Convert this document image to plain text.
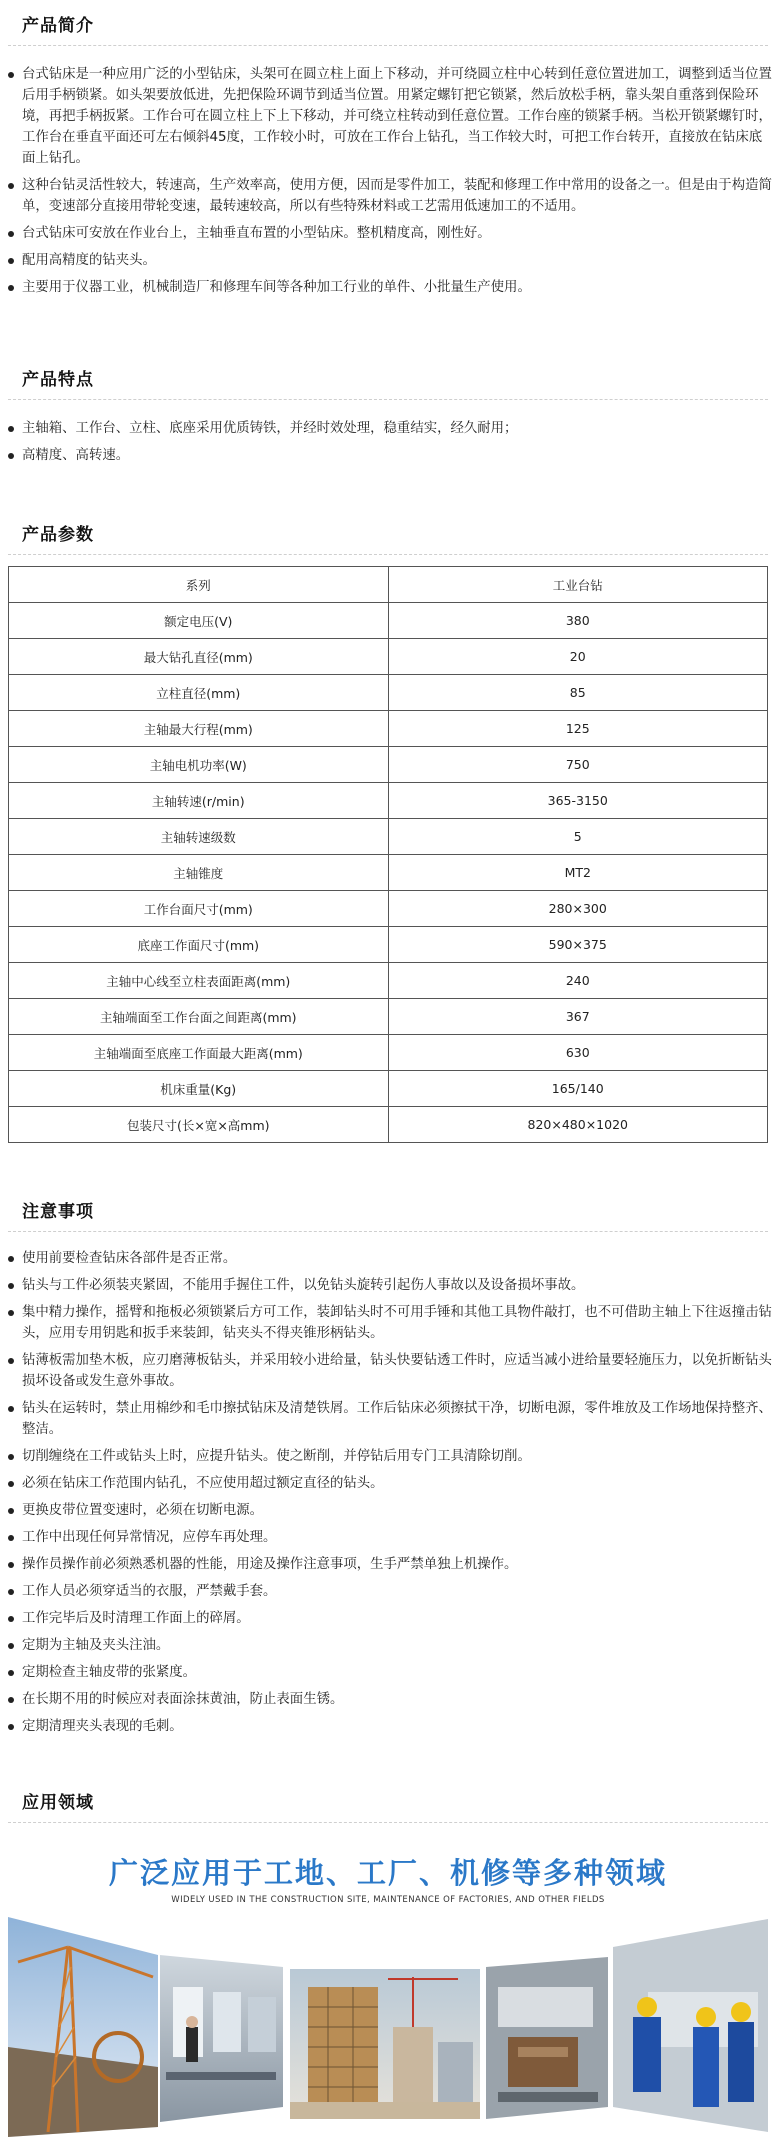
产品简介
台式钻床是一种应用广泛的小型钻床，头架可在圆立柱上面上下移动，并可绕圆立柱中心转到任意位置进加工，调整到适当位置后用手柄锁紧。如头架要放低进，先把保险环调节到适当位置。用紧定螺钉把它锁紧，然后放松手柄，靠头架自重落到保险环境，再把手柄扳紧。工作台可在圆立柱上下上下移动，并可绕立柱转动到任意位置。工作台座的锁紧手柄。当松开锁紧螺钉时，工作台在垂直平面还可左右倾斜45度，工作较小时，可放在工作台上钻孔，当工作较大时，可把工作台转开，直接放在钻床底面上钻孔。
这种台钻灵活性较大，转速高，生产效率高，使用方便，因而是零件加工，装配和修理工作中常用的设备之一。但是由于构造简单，变速部分直接用带轮变速，最转速较高，所以有些特殊材料或工艺需用低速加工的不适用。
台式钻床可安放在作业台上，主轴垂直布置的小型钻床。整机精度高，刚性好。
配用高精度的钻夹头。
主要用于仪器工业，机械制造厂和修理车间等各种加工行业的单件、小批量生产使用。
产品特点
主轴箱、工作台、立柱、底座采用优质铸铁，并经时效处理，稳重结实，经久耐用；
高精度、高转速。
产品参数
系列	工业台钻
额定电压(V)	380
最大钻孔直径(mm)	20
立柱直径(mm)	85
主轴最大行程(mm)	125
主轴电机功率(W)	750
主轴转速(r/min)	365-3150
主轴转速级数	5
主轴锥度	MT2
工作台面尺寸(mm)	280×300
底座工作面尺寸(mm)	590×375
主轴中心线至立柱表面距离(mm)	240
主轴端面至工作台面之间距离(mm)	367
主轴端面至底座工作面最大距离(mm)	630
机床重量(Kg)	165/140
包装尺寸(长×宽×高mm)	820×480×1020
注意事项
使用前要检查钻床各部件是否正常。
钻头与工件必须装夹紧固，不能用手握住工件，以免钻头旋转引起伤人事故以及设备损坏事故。
集中精力操作，摇臂和拖板必须锁紧后方可工作，装卸钻头时不可用手锤和其他工具物件敲打，也不可借助主轴上下往返撞击钻头，应用专用钥匙和扳手来装卸，钻夹头不得夹锥形柄钻头。
钻薄板需加垫木板，应刃磨薄板钻头，并采用较小进给量，钻头快要钻透工件时，应适当减小进给量要轻施压力，以免折断钻头损坏设备或发生意外事故。
钻头在运转时，禁止用棉纱和毛巾擦拭钻床及清楚铁屑。工作后钻床必须擦拭干净，切断电源，零件堆放及工作场地保持整齐、整洁。
切削缠绕在工件或钻头上时，应提升钻头。使之断削，并停钻后用专门工具清除切削。
必须在钻床工作范围内钻孔，不应使用超过额定直径的钻头。
更换皮带位置变速时，必须在切断电源。
工作中出现任何异常情况，应停车再处理。
操作员操作前必须熟悉机器的性能，用途及操作注意事项，生手严禁单独上机操作。
工作人员必须穿适当的衣服，严禁戴手套。
工作完毕后及时清理工作面上的碎屑。
定期为主轴及夹头注油。
定期检查主轴皮带的张紧度。
在长期不用的时候应对表面涂抹黄油，防止表面生锈。
定期清理夹头表现的毛刺。
应用领域
广泛应用于工地、工厂、机修等多种领域
WIDELY USED IN THE CONSTRUCTION SITE, MAINTENANCE OF FACTORIES, AND OTHER FIELDS
